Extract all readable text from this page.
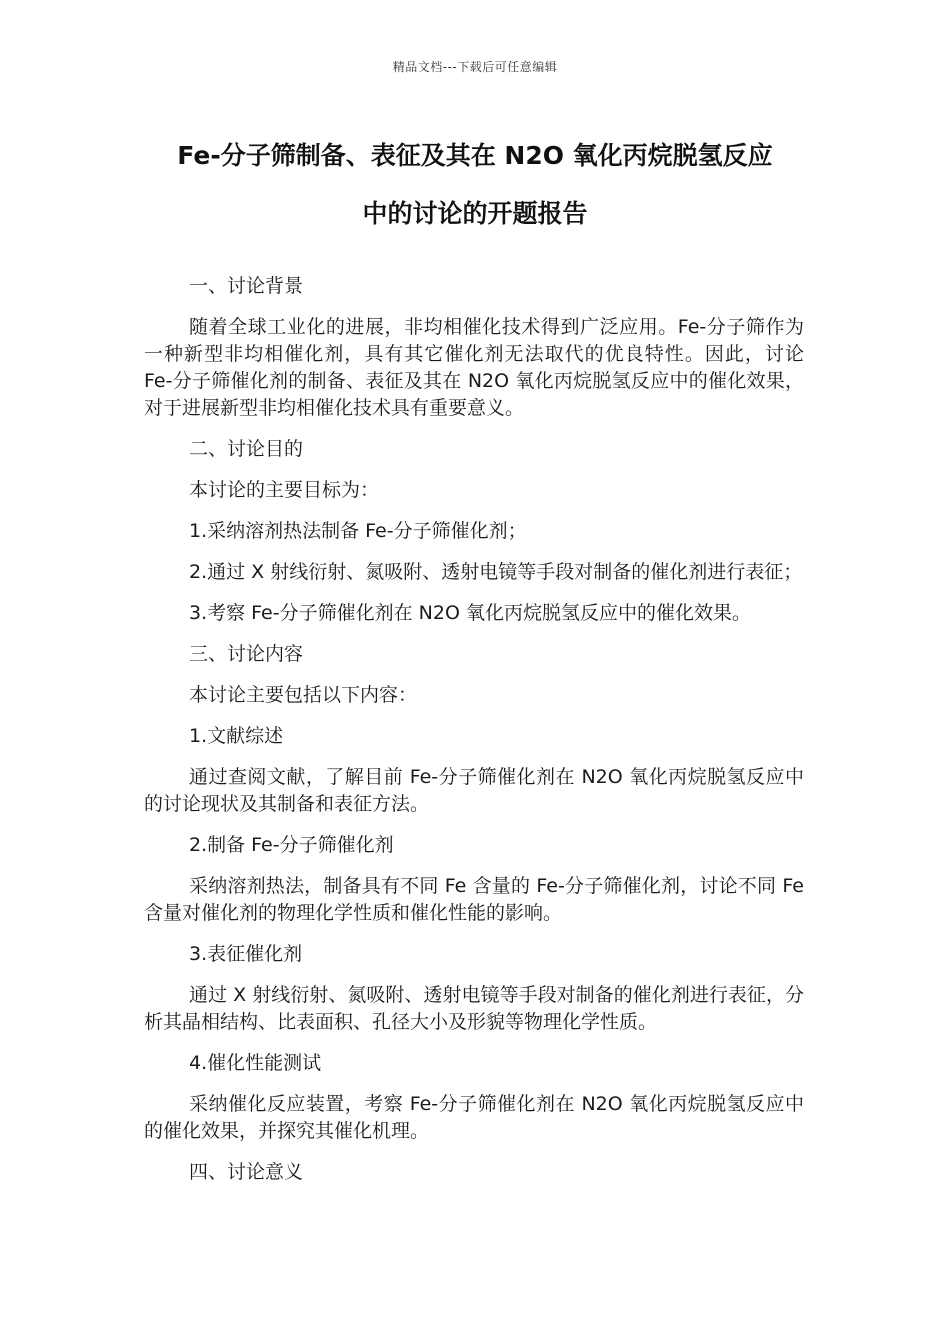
精品文档---下载后可任意编辑
Fe-分子筛制备、表征及其在 N2O 氧化丙烷脱氢反应
中的讨论的开题报告

一、讨论背景

随着全球工业化的进展，非均相催化技术得到广泛应用。Fe-分子筛作为一种新型非均相催化剂，具有其它催化剂无法取代的优良特性。因此，讨论 Fe-分子筛催化剂的制备、表征及其在 N2O 氧化丙烷脱氢反应中的催化效果，对于进展新型非均相催化技术具有重要意义。

二、讨论目的

本讨论的主要目标为：

1.采纳溶剂热法制备 Fe-分子筛催化剂；

2.通过 X 射线衍射、氮吸附、透射电镜等手段对制备的催化剂进行表征；

3.考察 Fe-分子筛催化剂在 N2O 氧化丙烷脱氢反应中的催化效果。

三、讨论内容

本讨论主要包括以下内容：

1.文献综述

通过查阅文献，了解目前 Fe-分子筛催化剂在 N2O 氧化丙烷脱氢反应中的讨论现状及其制备和表征方法。

2.制备 Fe-分子筛催化剂

采纳溶剂热法，制备具有不同 Fe 含量的 Fe-分子筛催化剂，讨论不同 Fe 含量对催化剂的物理化学性质和催化性能的影响。

3.表征催化剂

通过 X 射线衍射、氮吸附、透射电镜等手段对制备的催化剂进行表征，分析其晶相结构、比表面积、孔径大小及形貌等物理化学性质。

4.催化性能测试

采纳催化反应装置，考察 Fe-分子筛催化剂在 N2O 氧化丙烷脱氢反应中的催化效果，并探究其催化机理。

四、讨论意义
